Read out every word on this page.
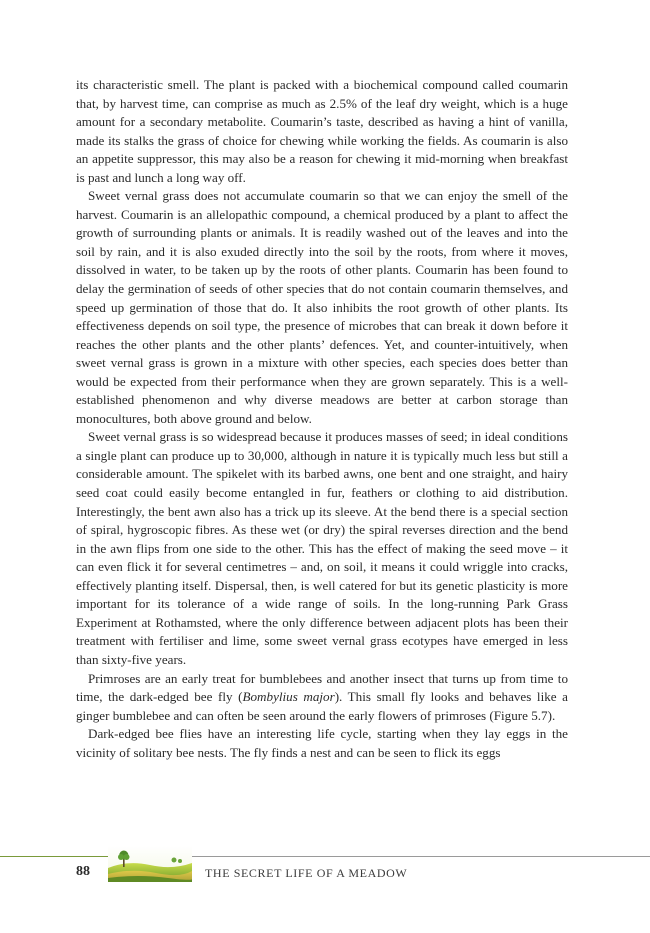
its characteristic smell. The plant is packed with a biochemical compound called coumarin that, by harvest time, can comprise as much as 2.5% of the leaf dry weight, which is a huge amount for a secondary metabolite. Coumarin’s taste, described as having a hint of vanilla, made its stalks the grass of choice for chewing while working the fields. As coumarin is also an appetite suppressor, this may also be a reason for chewing it mid-morning when breakfast is past and lunch a long way off.

Sweet vernal grass does not accumulate coumarin so that we can enjoy the smell of the harvest. Coumarin is an allelopathic compound, a chemical produced by a plant to affect the growth of surrounding plants or animals. It is readily washed out of the leaves and into the soil by rain, and it is also exuded directly into the soil by the roots, from where it moves, dissolved in water, to be taken up by the roots of other plants. Coumarin has been found to delay the germination of seeds of other species that do not contain coumarin themselves, and speed up germination of those that do. It also inhibits the root growth of other plants. Its effectiveness depends on soil type, the presence of microbes that can break it down before it reaches the other plants and the other plants’ defences. Yet, and counter-intuitively, when sweet vernal grass is grown in a mixture with other species, each species does better than would be expected from their performance when they are grown separately. This is a well-established phenomenon and why diverse meadows are better at carbon storage than monocultures, both above ground and below.

Sweet vernal grass is so widespread because it produces masses of seed; in ideal conditions a single plant can produce up to 30,000, although in nature it is typically much less but still a considerable amount. The spikelet with its barbed awns, one bent and one straight, and hairy seed coat could easily become entangled in fur, feathers or clothing to aid distribution. Interestingly, the bent awn also has a trick up its sleeve. At the bend there is a special section of spiral, hygroscopic fibres. As these wet (or dry) the spiral reverses direction and the bend in the awn flips from one side to the other. This has the effect of making the seed move – it can even flick it for several centimetres – and, on soil, it means it could wriggle into cracks, effectively planting itself. Dispersal, then, is well catered for but its genetic plasticity is more important for its tolerance of a wide range of soils. In the long-running Park Grass Experiment at Rothamsted, where the only difference between adjacent plots has been their treatment with fertiliser and lime, some sweet vernal grass ecotypes have emerged in less than sixty-five years.

Primroses are an early treat for bumblebees and another insect that turns up from time to time, the dark-edged bee fly (Bombylius major). This small fly looks and behaves like a ginger bumblebee and can often be seen around the early flowers of primroses (Figure 5.7).

Dark-edged bee flies have an interesting life cycle, starting when they lay eggs in the vicinity of solitary bee nests. The fly finds a nest and can be seen to flick its eggs

88	THE SECRET LIFE OF A MEADOW
